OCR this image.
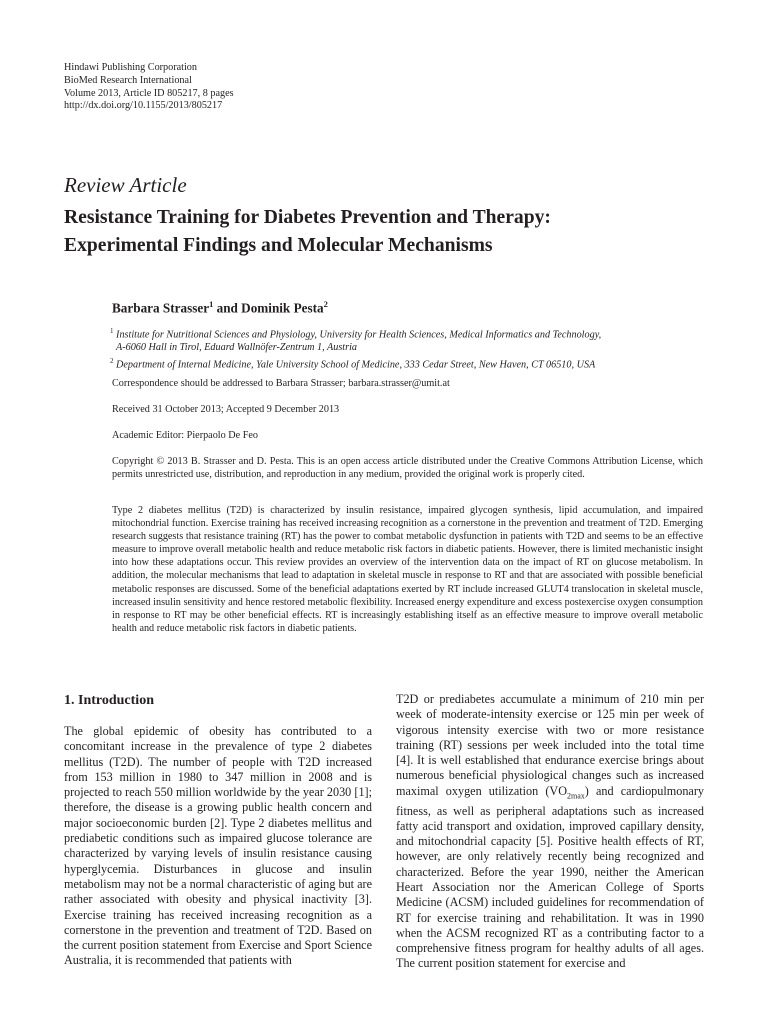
Hindawi Publishing Corporation
BioMed Research International
Volume 2013, Article ID 805217, 8 pages
http://dx.doi.org/10.1155/2013/805217
Review Article
Resistance Training for Diabetes Prevention and Therapy:
Experimental Findings and Molecular Mechanisms
Barbara Strasser$^1$ and Dominik Pesta$^2$
$^1$ Institute for Nutritional Sciences and Physiology, University for Health Sciences, Medical Informatics and Technology,
A-6060 Hall in Tirol, Eduard Wallnöfer-Zentrum 1, Austria
$^2$ Department of Internal Medicine, Yale University School of Medicine, 333 Cedar Street, New Haven, CT 06510, USA
Correspondence should be addressed to Barbara Strasser; barbara.strasser@umit.at
Received 31 October 2013; Accepted 9 December 2013
Academic Editor: Pierpaolo De Feo
Copyright © 2013 B. Strasser and D. Pesta. This is an open access article distributed under the Creative Commons Attribution License, which permits unrestricted use, distribution, and reproduction in any medium, provided the original work is properly cited.
Type 2 diabetes mellitus (T2D) is characterized by insulin resistance, impaired glycogen synthesis, lipid accumulation, and impaired mitochondrial function. Exercise training has received increasing recognition as a cornerstone in the prevention and treatment of T2D. Emerging research suggests that resistance training (RT) has the power to combat metabolic dysfunction in patients with T2D and seems to be an effective measure to improve overall metabolic health and reduce metabolic risk factors in diabetic patients. However, there is limited mechanistic insight into how these adaptations occur. This review provides an overview of the intervention data on the impact of RT on glucose metabolism. In addition, the molecular mechanisms that lead to adaptation in skeletal muscle in response to RT and that are associated with possible beneficial metabolic responses are discussed. Some of the beneficial adaptations exerted by RT include increased GLUT4 translocation in skeletal muscle, increased insulin sensitivity and hence restored metabolic flexibility. Increased energy expenditure and excess postexercise oxygen consumption in response to RT may be other beneficial effects. RT is increasingly establishing itself as an effective measure to improve overall metabolic health and reduce metabolic risk factors in diabetic patients.
1. Introduction

The global epidemic of obesity has contributed to a concomitant increase in the prevalence of type 2 diabetes mellitus (T2D). The number of people with T2D increased from 153 million in 1980 to 347 million in 2008 and is projected to reach 550 million worldwide by the year 2030 [1]; therefore, the disease is a growing public health concern and major socioeconomic burden [2]. Type 2 diabetes mellitus and prediabetic conditions such as impaired glucose tolerance are characterized by varying levels of insulin resistance causing hyperglycemia. Disturbances in glucose and insulin metabolism may not be a normal characteristic of aging but are rather associated with obesity and physical inactivity [3]. Exercise training has received increasing recognition as a cornerstone in the prevention and treatment of T2D. Based on the current position statement from Exercise and Sport Science Australia, it is recommended that patients with

T2D or prediabetes accumulate a minimum of 210 min per week of moderate-intensity exercise or 125 min per week of vigorous intensity exercise with two or more resistance training (RT) sessions per week included into the total time [4]. It is well established that endurance exercise brings about numerous beneficial physiological changes such as increased maximal oxygen utilization $(VO_{2max})$ and cardiopulmonary fitness, as well as peripheral adaptations such as increased fatty acid transport and oxidation, improved capillary density, and mitochondrial capacity [5]. Positive health effects of RT, however, are only relatively recently being recognized and characterized. Before the year 1990, neither the American Heart Association nor the American College of Sports Medicine (ACSM) included guidelines for recommendation of RT for exercise training and rehabilitation. It was in 1990 when the ACSM recognized RT as a contributing factor to a comprehensive fitness program for healthy adults of all ages. The current position statement for exercise and
